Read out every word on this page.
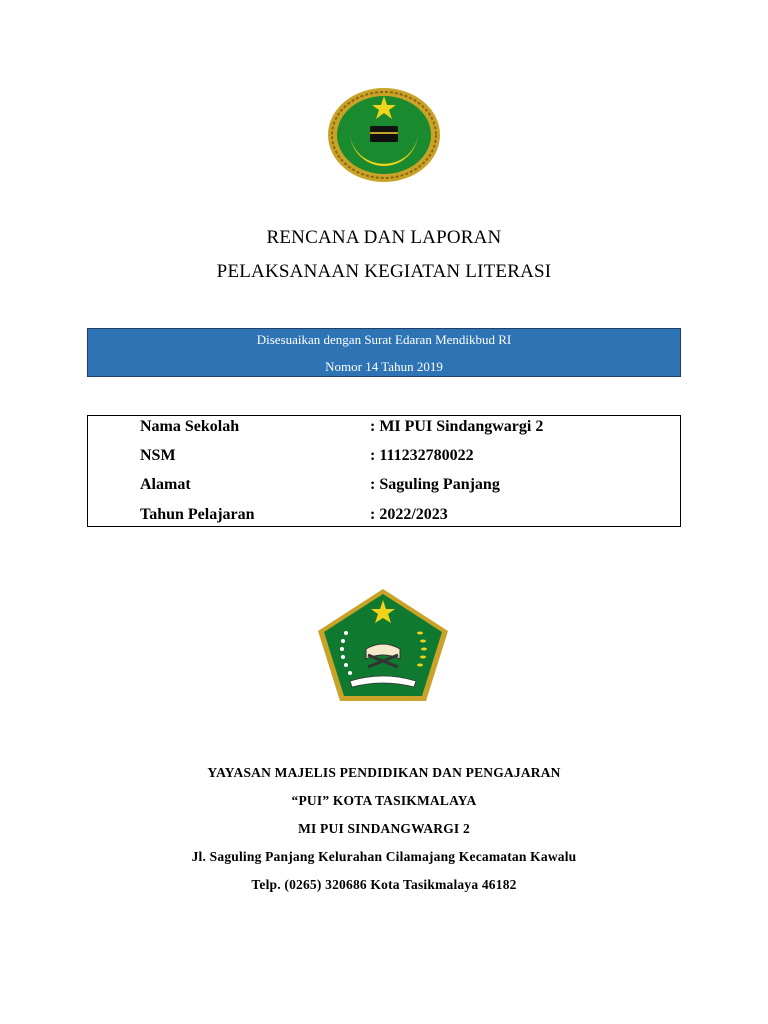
RENCANA DAN LAPORAN
PELAKSANAAN KEGIATAN LITERASI
Disesuaikan dengan Surat Edaran Mendikbud RI
Nomor 14 Tahun 2019
Nama Sekolah	: MI PUI Sindangwargi 2
NSM	: 111232780022
Alamat	: Saguling Panjang
Tahun Pelajaran	: 2022/2023
YAYASAN MAJELIS PENDIDIKAN DAN PENGAJARAN
“PUI” KOTA TASIKMALAYA
MI PUI SINDANGWARGI 2
Jl. Saguling Panjang Kelurahan Cilamajang Kecamatan Kawalu
Telp. (0265) 320686 Kota Tasikmalaya 46182
